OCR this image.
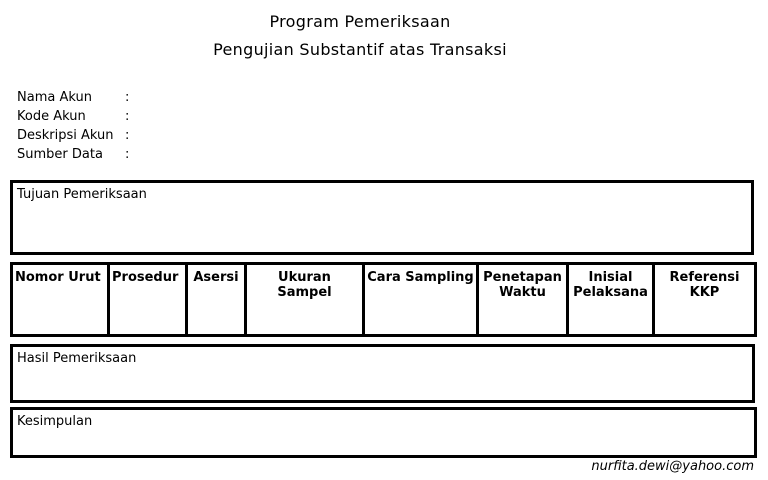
Program Pemeriksaan
Pengujian Substantif atas Transaksi
Nama Akun	:
Kode Akun	:
Deskripsi Akun :
Sumber Data :
Tujuan Pemeriksaan
Nomor Urut	Prosedur	Asersi	Ukuran Sampel	Cara Sampling	Penetapan Waktu	Inisial Pelaksana	Referensi KKP
Hasil Pemeriksaan
Kesimpulan
nurfita.dewi@yahoo.com
